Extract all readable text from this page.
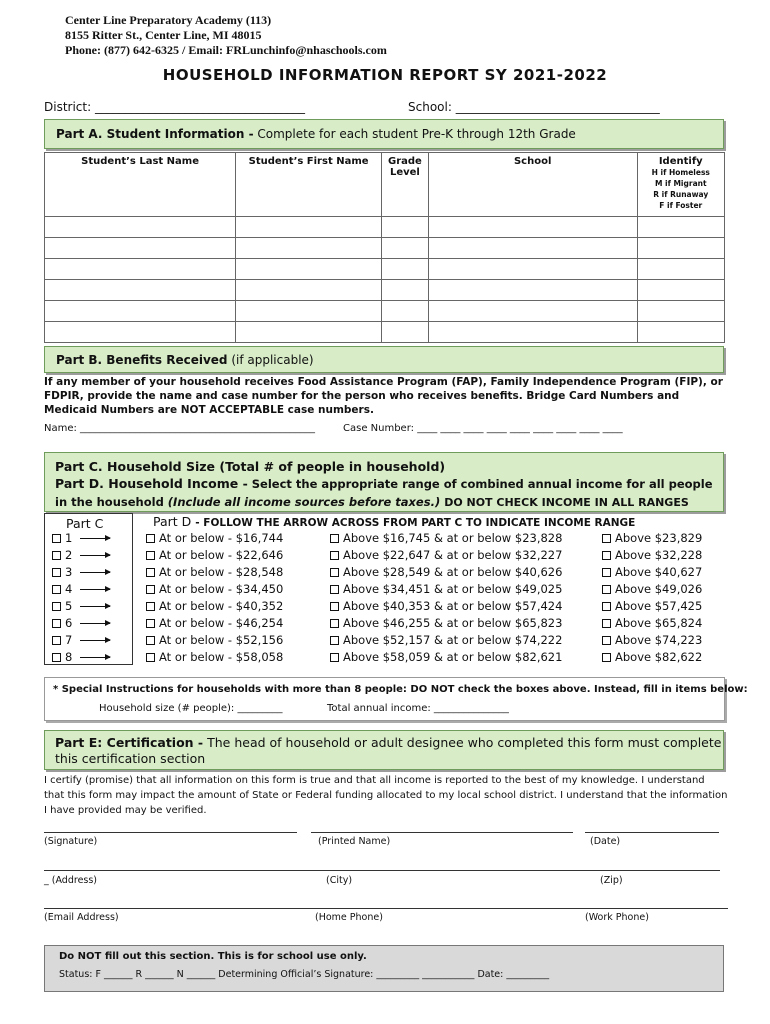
Center Line Preparatory Academy (113)
8155 Ritter St., Center Line, MI 48015
Phone: (877) 642-6325 / Email: FRLunchinfo@nhaschools.com
HOUSEHOLD INFORMATION REPORT SY 2021-2022
District: ___________________________________	School: __________________________________
Part A. Student Information - Complete for each student Pre-K through 12th Grade
Student’s Last Name	Student’s First Name	Grade Level	School	Identify
H if Homeless
M if Migrant
R if Runaway
F if Foster

Part B. Benefits Received (if applicable)
If any member of your household receives Food Assistance Program (FAP), Family Independence Program (FIP), or FDPIR, provide the name and case number for the person who receives benefits. Bridge Card Numbers and Medicaid Numbers are NOT ACCEPTABLE case numbers.
Name: _______________________________________________	Case Number: ____ ____ ____ ____ ____ ____ ____ ____ ____
Part C. Household Size (Total # of people in household)
Part D. Household Income - Select the appropriate range of combined annual income for all people
in the household (Include all income sources before taxes.) DO NOT CHECK INCOME IN ALL RANGES
Part C	Part D - FOLLOW THE ARROW ACROSS FROM PART C TO INDICATE INCOME RANGE
1	At or below - $16,744	Above $16,745 & at or below $23,828	Above $23,829
2	At or below - $22,646	Above $22,647 & at or below $32,227	Above $32,228
3	At or below - $28,548	Above $28,549 & at or below $40,626	Above $40,627
4	At or below - $34,450	Above $34,451 & at or below $49,025	Above $49,026
5	At or below - $40,352	Above $40,353 & at or below $57,424	Above $57,425
6	At or below - $46,254	Above $46,255 & at or below $65,823	Above $65,824
7	At or below - $52,156	Above $52,157 & at or below $74,222	Above $74,223
8	At or below - $58,058	Above $58,059 & at or below $82,621	Above $82,622
* Special Instructions for households with more than 8 people: DO NOT check the boxes above. Instead, fill in items below:
Household size (# people): _________	Total annual income: _______________
Part E: Certification - The head of household or adult designee who completed this form must complete this certification section
I certify (promise) that all information on this form is true and that all income is reported to the best of my knowledge. I understand that this form may impact the amount of State or Federal funding allocated to my local school district. I understand that the information I have provided may be verified.
(Signature)	(Printed Name)	(Date)
_ (Address)	(City)	(Zip)
(Email Address)	(Home Phone)	(Work Phone)
Do NOT fill out this section. This is for school use only.
Status: F ______ R ______ N ______ Determining Official’s Signature: _________ ___________ Date: _________
